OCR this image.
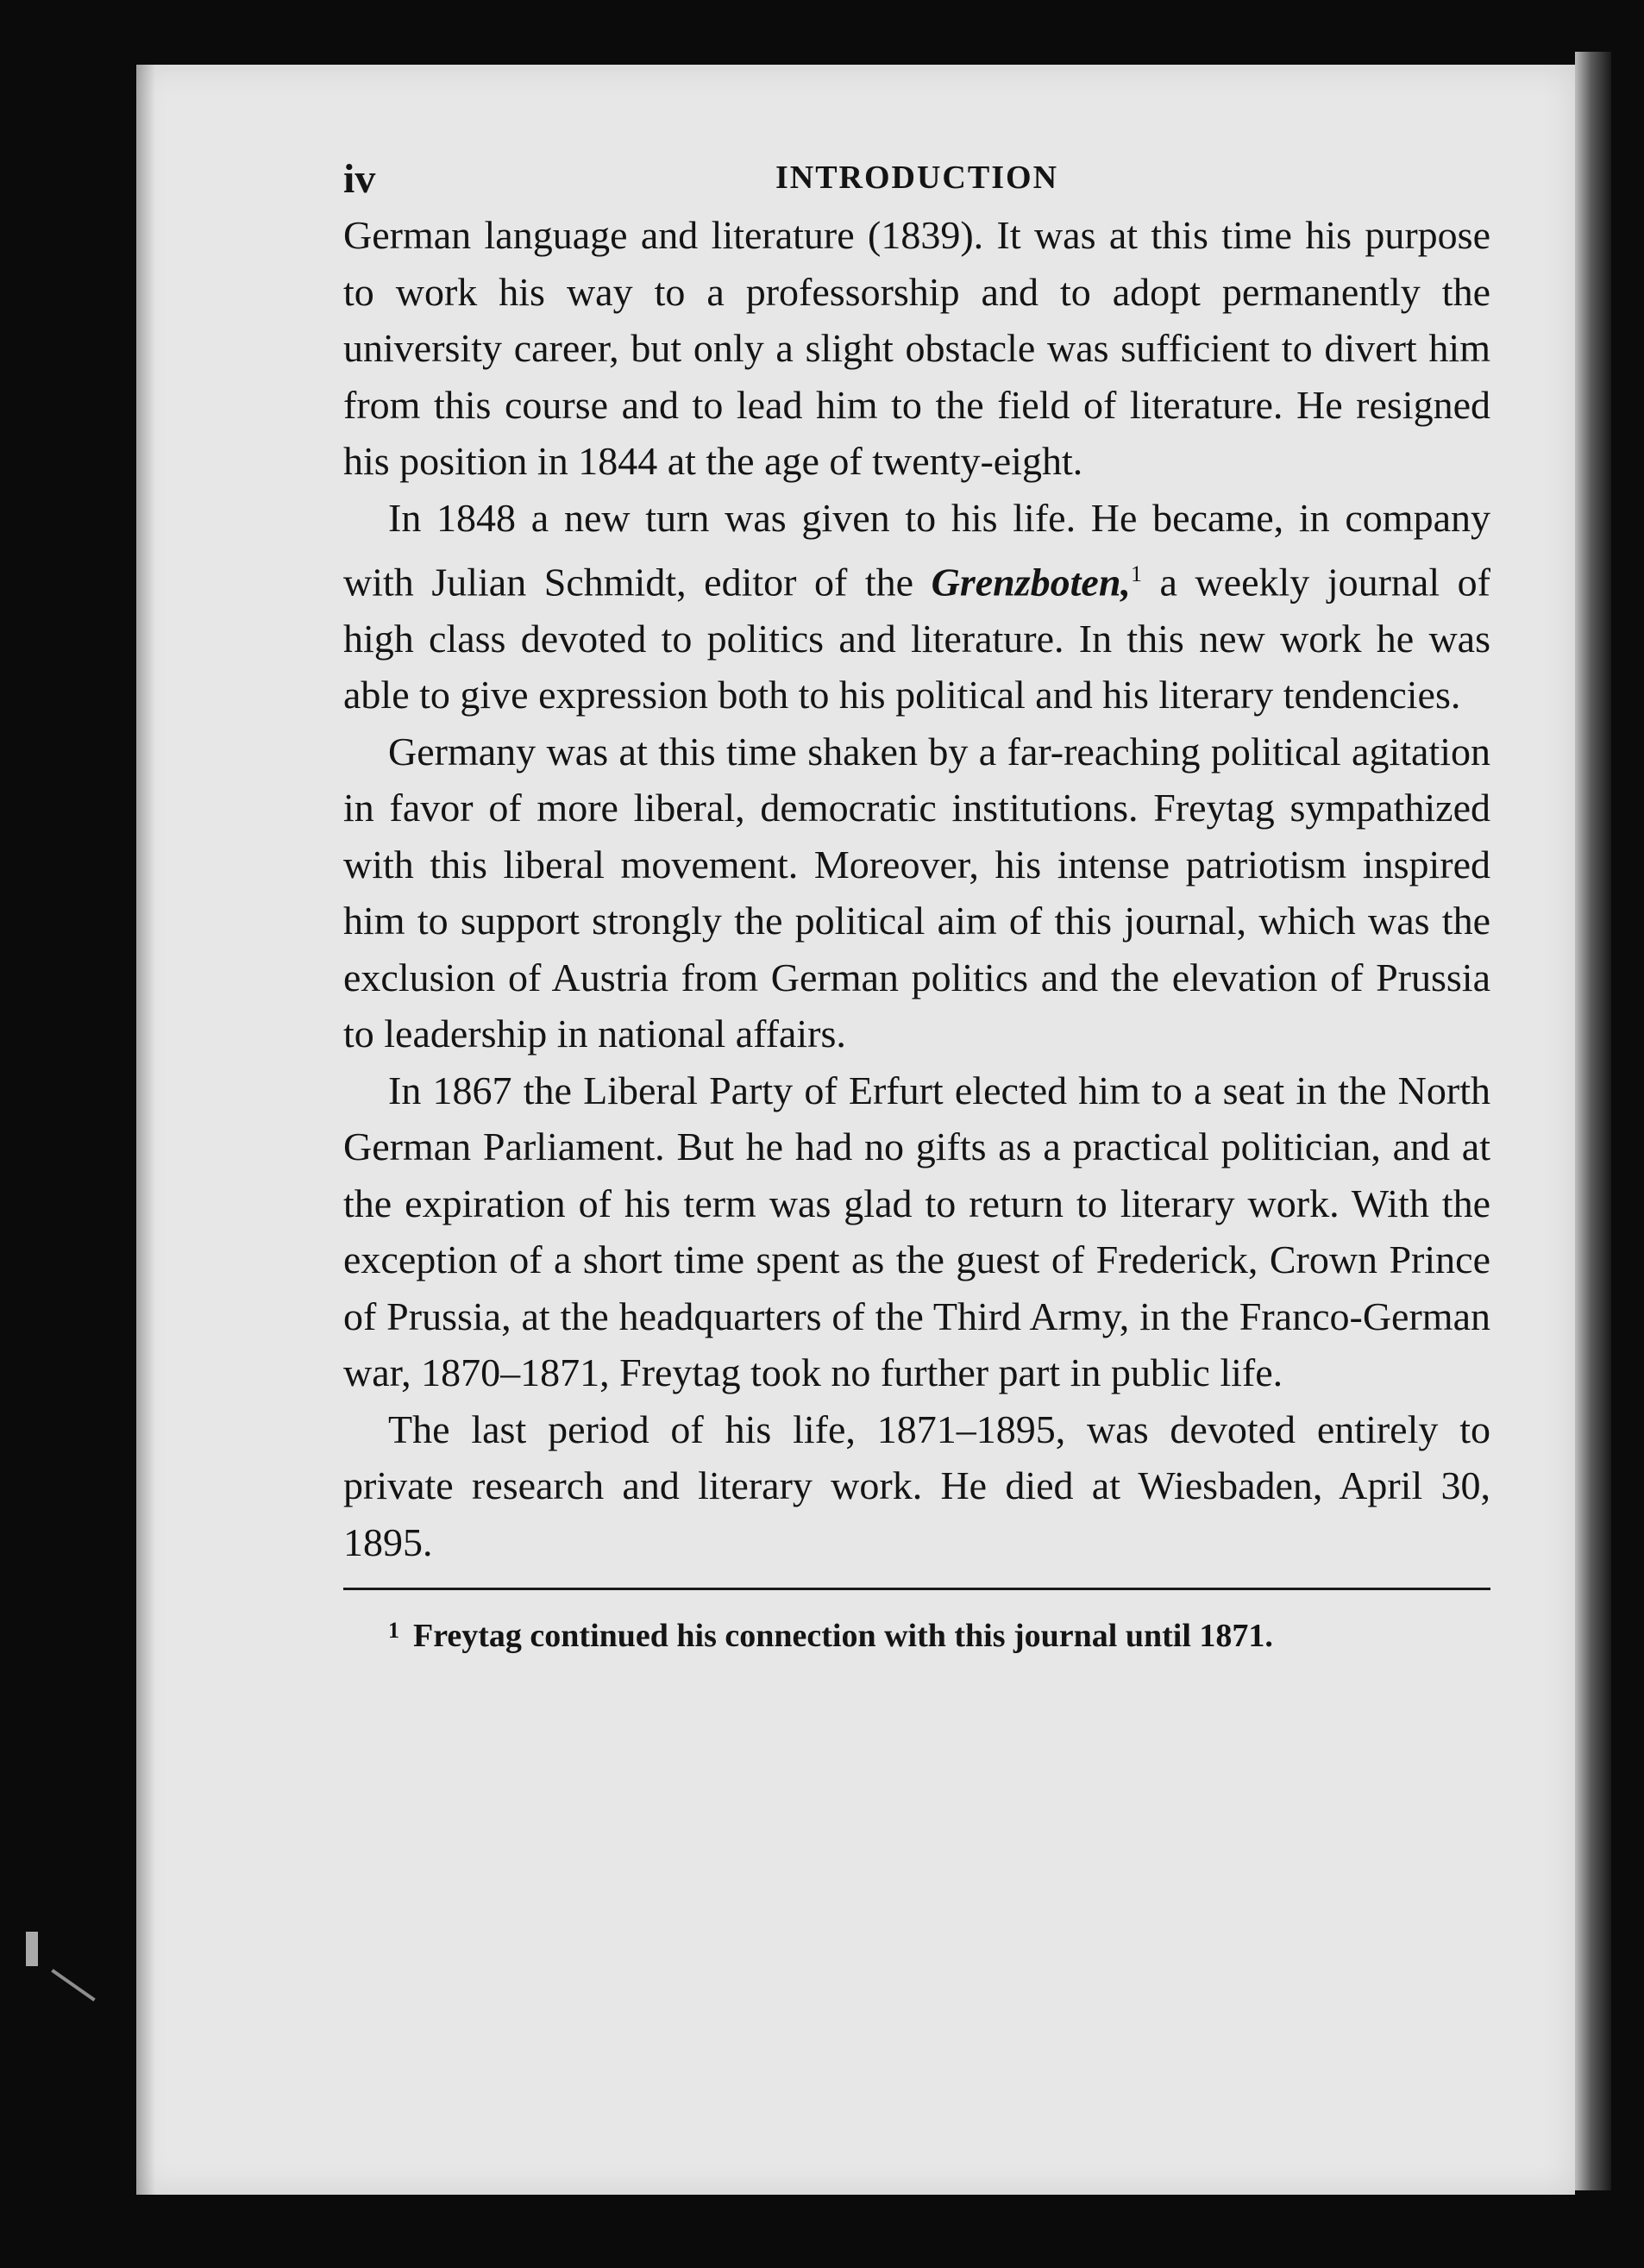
iv	INTRODUCTION

German language and literature (1839). It was at this time his purpose to work his way to a professorship and to adopt permanently the university career, but only a slight obstacle was sufficient to divert him from this course and to lead him to the field of literature. He resigned his position in 1844 at the age of twenty-eight.

In 1848 a new turn was given to his life. He became, in company with Julian Schmidt, editor of the Grenzboten,$^1$ a weekly journal of high class devoted to politics and literature. In this new work he was able to give expression both to his political and his literary tendencies.

Germany was at this time shaken by a far-reaching political agitation in favor of more liberal, democratic institutions. Freytag sympathized with this liberal movement. Moreover, his intense patriotism inspired him to support strongly the political aim of this journal, which was the exclusion of Austria from German politics and the elevation of Prussia to leadership in national affairs.

In 1867 the Liberal Party of Erfurt elected him to a seat in the North German Parliament. But he had no gifts as a practical politician, and at the expiration of his term was glad to return to literary work. With the exception of a short time spent as the guest of Frederick, Crown Prince of Prussia, at the headquarters of the Third Army, in the Franco-German war, 1870–1871, Freytag took no further part in public life.

The last period of his life, 1871–1895, was devoted entirely to private research and literary work. He died at Wiesbaden, April 30, 1895.

$^1$ Freytag continued his connection with this journal until 1871.
